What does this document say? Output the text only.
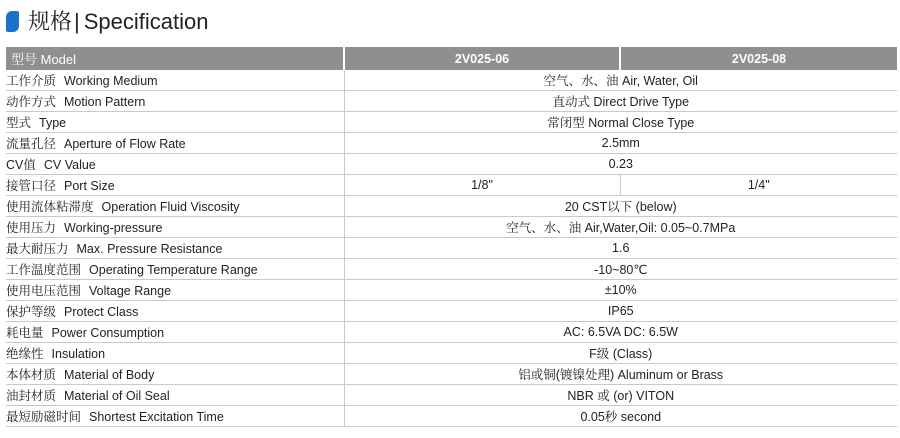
规格| Specification
型号 Model	2V025-06	2V025-08
工作介质 Working Medium	空气、水、油 Air, Water, Oil	
动作方式 Motion Pattern	直动式 Direct Drive Type	
型式 Type	常闭型 Normal Close Type	
流量孔径 Aperture of Flow Rate	2.5mm	
CV值 CV Value	0.23	
接管口径 Port Size	1/8"	1/4"
使用流体粘滞度 Operation Fluid Viscosity	20 CST以下 (below)	
使用压力 Working-pressure	空气、水、油 Air,Water,Oil: 0.05~0.7MPa	
最大耐压力 Max. Pressure Resistance	1.6	
工作温度范围 Operating Temperature Range	-10~80℃	
使用电压范围 Voltage Range	±10%	
保护等级 Protect Class	IP65	
耗电量 Power Consumption	AC: 6.5VA DC: 6.5W	
绝缘性 Insulation	F级 (Class)	
本体材质 Material of Body	铝或铜(镀镍处理) Aluminum or Brass	
油封材质 Material of Oil Seal	NBR 或 (or) VITON	
最短励磁时间 Shortest Excitation Time	0.05秒 second	
